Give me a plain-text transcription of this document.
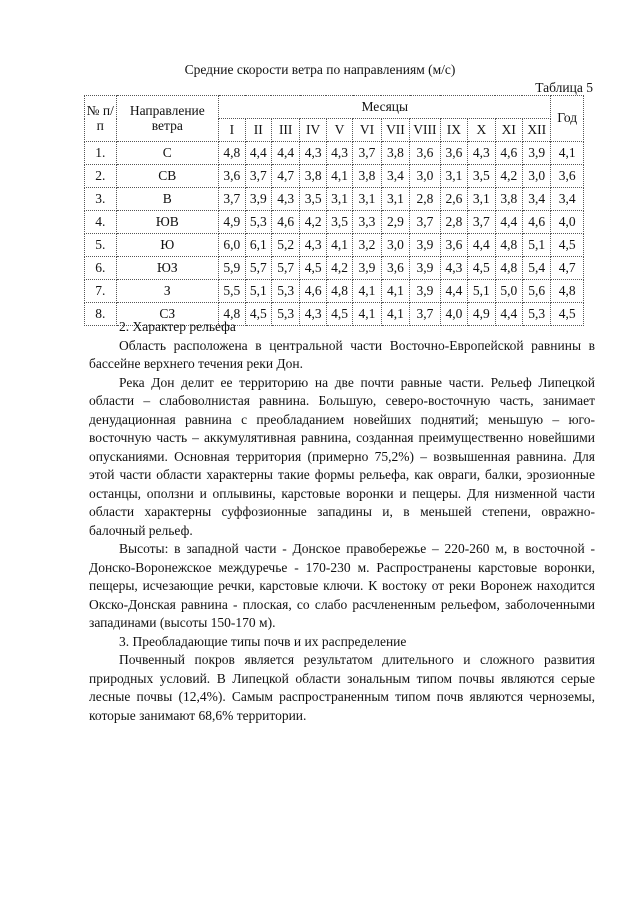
Средние скорости ветра по направлениям (м/с)
Таблица 5
№ п/п	Направление ветра	Месяцы												Год
		I	II	III	IV	V	VI	VII	VIII	IX	X	XI	XII	
1.	С	4,8	4,4	4,4	4,3	4,3	3,7	3,8	3,6	3,6	4,3	4,6	3,9	4,1
2.	СВ	3,6	3,7	4,7	3,8	4,1	3,8	3,4	3,0	3,1	3,5	4,2	3,0	3,6
3.	В	3,7	3,9	4,3	3,5	3,1	3,1	3,1	2,8	2,6	3,1	3,8	3,4	3,4
4.	ЮВ	4,9	5,3	4,6	4,2	3,5	3,3	2,9	3,7	2,8	3,7	4,4	4,6	4,0
5.	Ю	6,0	6,1	5,2	4,3	4,1	3,2	3,0	3,9	3,6	4,4	4,8	5,1	4,5
6.	ЮЗ	5,9	5,7	5,7	4,5	4,2	3,9	3,6	3,9	4,3	4,5	4,8	5,4	4,7
7.	З	5,5	5,1	5,3	4,6	4,8	4,1	4,1	3,9	4,4	5,1	5,0	5,6	4,8
8.	СЗ	4,8	4,5	5,3	4,3	4,5	4,1	4,1	3,7	4,0	4,9	4,4	5,3	4,5

2. Характер рельефа

Область расположена в центральной части Восточно-Европейской равнины в бассейне верхнего течения реки Дон.

Река Дон делит ее территорию на две почти равные части. Рельеф Липецкой области – слабоволнистая равнина. Большую, северо-восточную часть, занимает денудационная равнина с преобладанием новейших поднятий; меньшую – юго-восточную часть – аккумулятивная равнина, созданная преимущественно новейшими опусканиями. Основная территория (примерно 75,2%) – возвышенная равнина. Для этой части области характерны такие формы рельефа, как овраги, балки, эрозионные останцы, оползни и оплывины, карстовые воронки и пещеры. Для низменной части области характерны суффозионные западины и, в меньшей степени, овражно-балочный рельеф.

Высоты: в западной части - Донское правобережье – 220-260 м, в восточной - Донско-Воронежское междуречье - 170-230 м. Распространены карстовые воронки, пещеры, исчезающие речки, карстовые ключи. К востоку от реки Воронеж находится Окско-Донская равнина - плоская, со слабо расчлененным рельефом, заболоченными западинами (высоты 150-170 м).

3. Преобладающие типы почв и их распределение

Почвенный покров является результатом длительного и сложного развития природных условий. В Липецкой области зональным типом почвы являются серые лесные почвы (12,4%). Самым распространенным типом почв являются черноземы, которые занимают 68,6% территории.
